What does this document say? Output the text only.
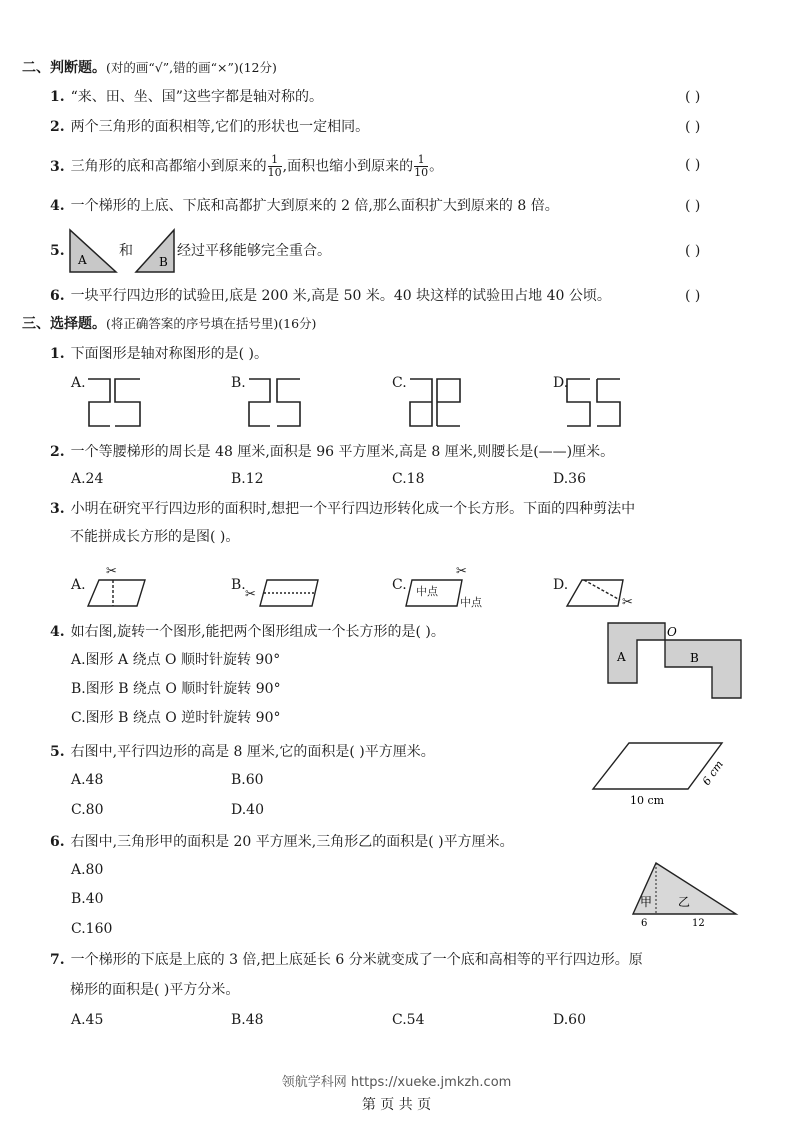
二、判断题。(对的画“√”,错的画“×”)(12分)
1. “来、田、坐、国”这些字都是轴对称的。	( )
2. 两个三角形的面积相等,它们的形状也一定相同。	( )
3. 三角形的底和高都缩小到原来的 $\frac{1}{10}$ ,面积也缩小到原来的 $\frac{1}{10}$ 。	( )
4. 一个梯形的上底、下底和高都扩大到原来的 2 倍,那么面积扩大到原来的 8 倍。	( )
5.
A	B
和	经过平移能够完全重合。	( )
6. 一块平行四边形的试验田,底是 200 米,高是 50 米。40 块这样的试验田占地 40 公顷。	( )
三、选择题。(将正确答案的序号填在括号里)(16分)
1. 下面图形是轴对称图形的是( )。
A.	B.	C.	D.
2. 一个等腰梯形的周长是 48 厘米,面积是 96 平方厘米,高是 8 厘米,则腰长是(——)厘米。
A.24	B.12	C.18	D.36
3. 小明在研究平行四边形的面积时,想把一个平行四边形转化成一个长方形。下面的四种剪法中
不能拼成长方形的是图( )。
A.	B.	C.	D.
✂
✂
✂
✂
中点
中点
4. 如右图,旋转一个图形,能把两个图形组成一个长方形的是( )。
A.图形 A 绕点 O 顺时针旋转 90°
B.图形 B 绕点 O 顺时针旋转 90°
C.图形 B 绕点 O 逆时针旋转 90°
A	B
O
5. 右图中,平行四边形的高是 8 厘米,它的面积是( )平方厘米。
A.48	B.60
C.80	D.40
10 cm
6 cm
6. 右图中,三角形甲的面积是 20 平方厘米,三角形乙的面积是( )平方厘米。
A.80
B.40
C.160
甲 乙
6	12
7. 一个梯形的下底是上底的 3 倍,把上底延长 6 分米就变成了一个底和高相等的平行四边形。原
梯形的面积是( )平方分米。
A.45	B.48	C.54	D.60
领航学科网 https://xueke.jmkzh.com
第 页 共 页
